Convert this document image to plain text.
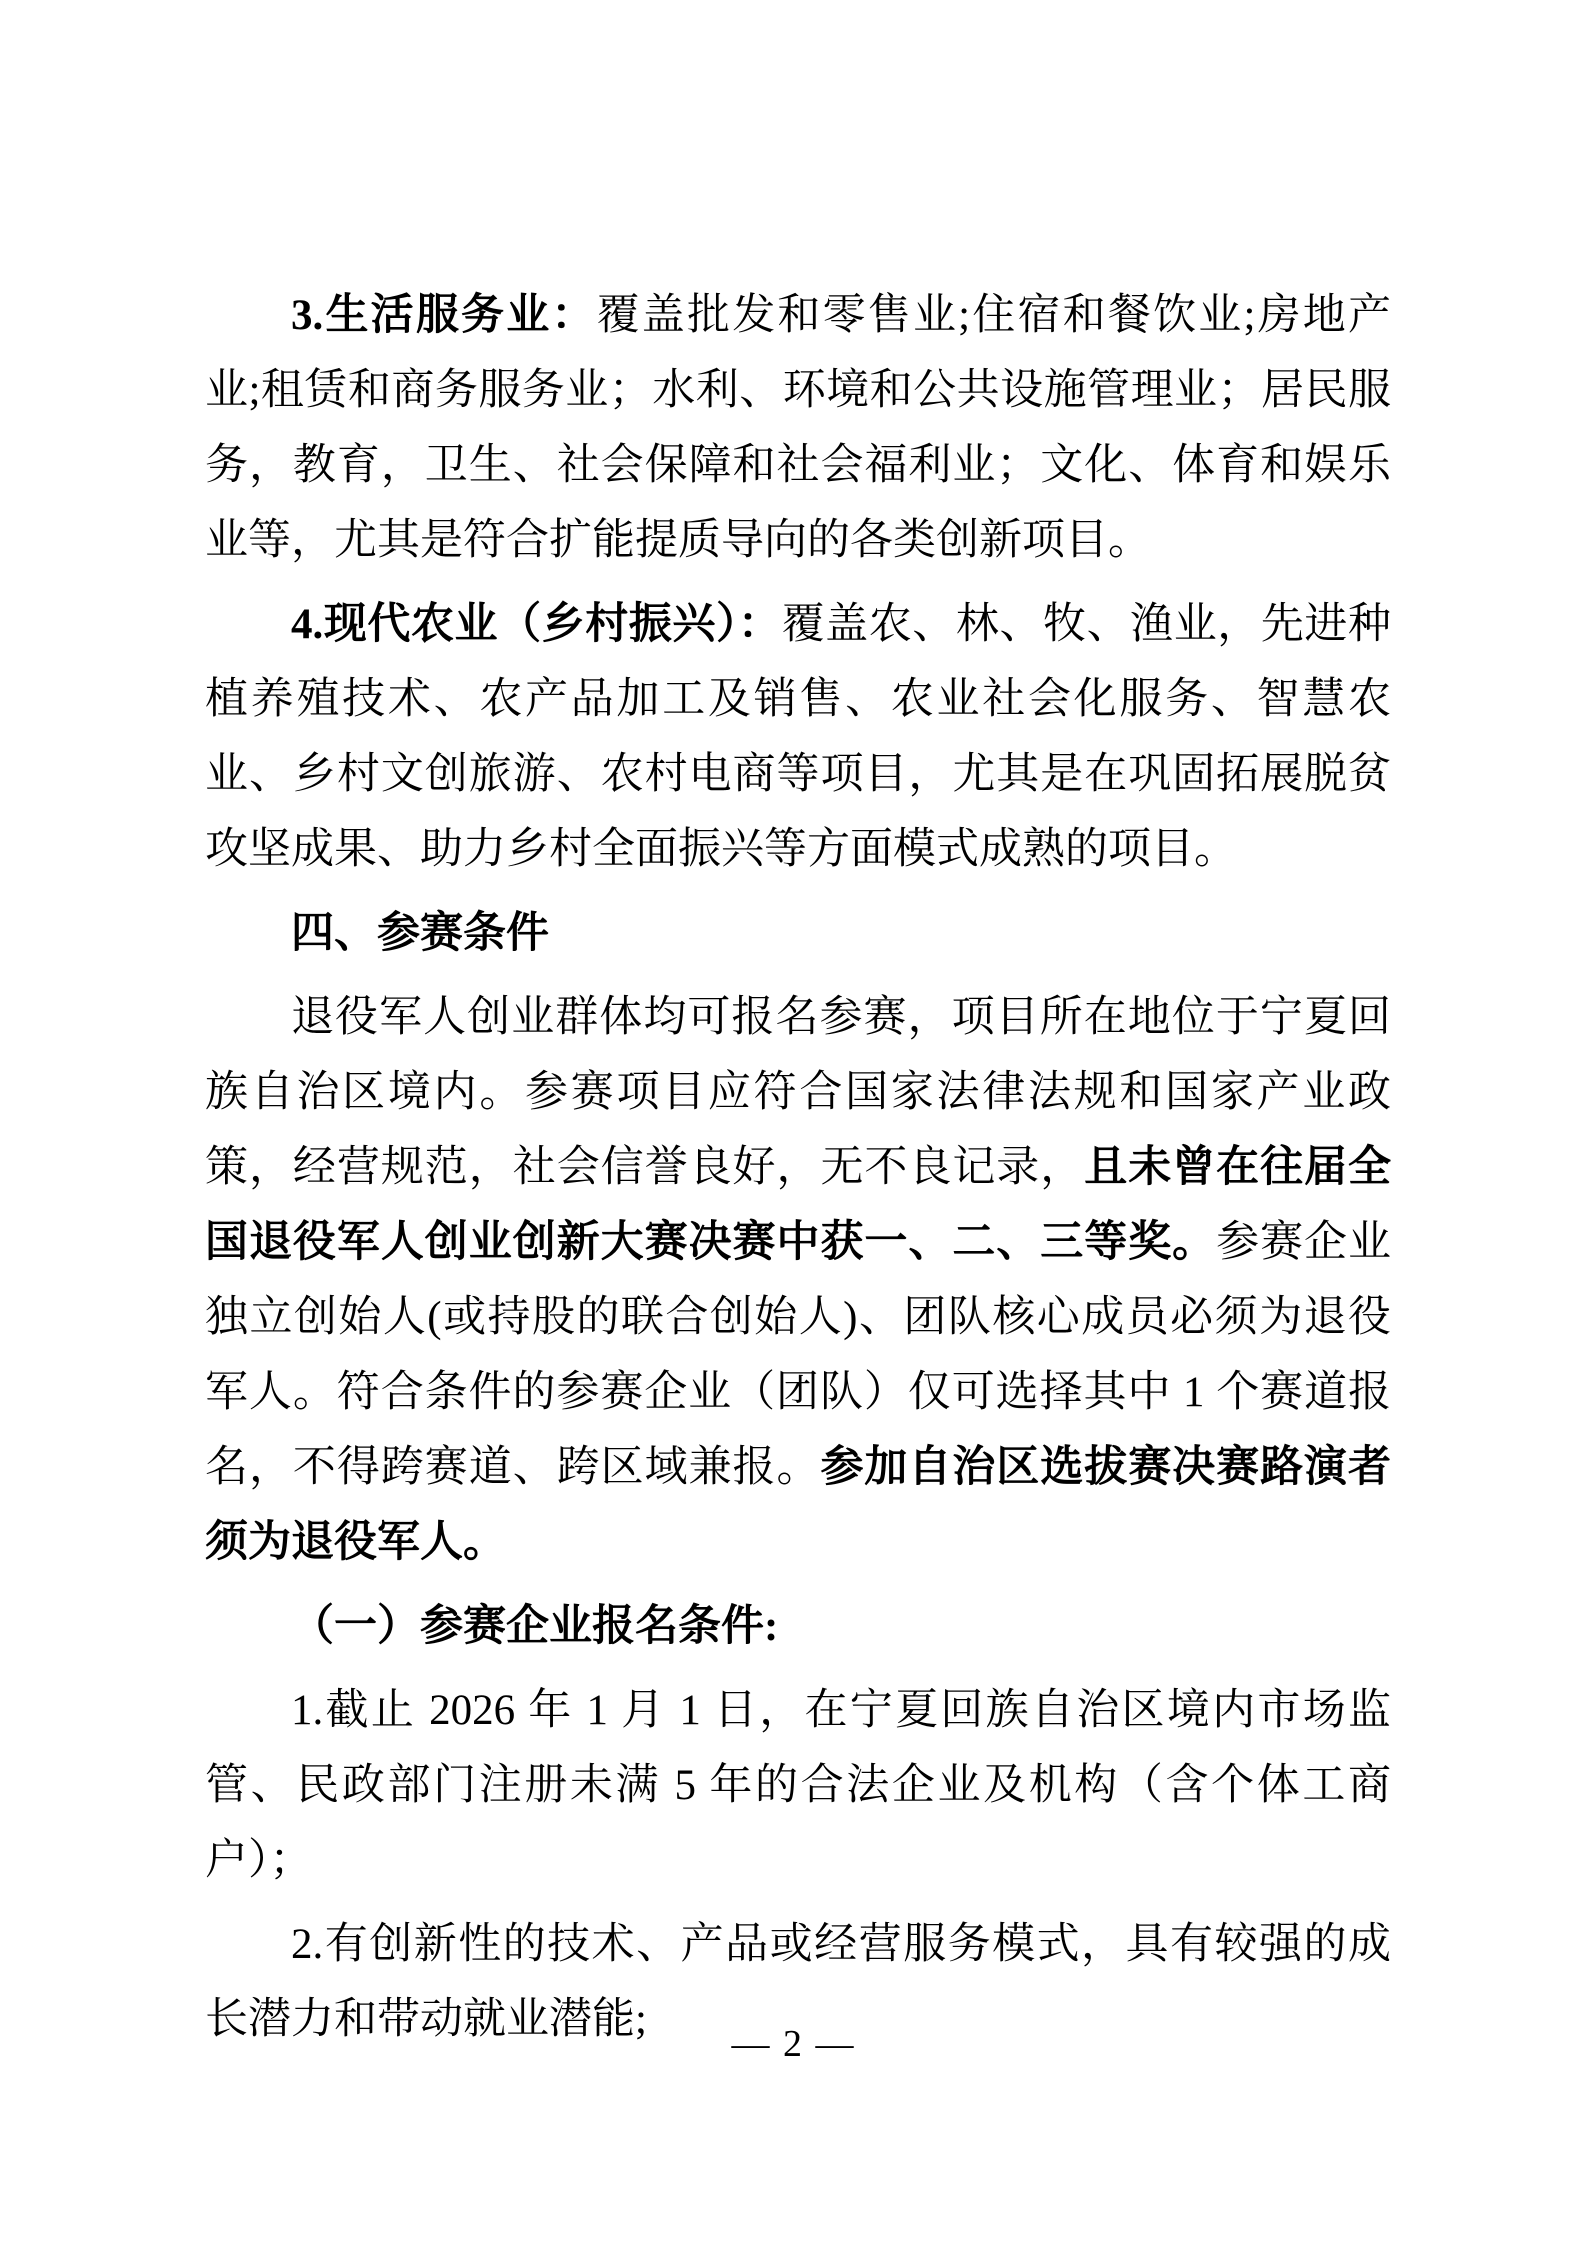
3.生活服务业：覆盖批发和零售业;住宿和餐饮业;房地产业;租赁和商务服务业；水利、环境和公共设施管理业；居民服务，教育，卫生、社会保障和社会福利业；文化、体育和娱乐业等，尤其是符合扩能提质导向的各类创新项目。

4.现代农业（乡村振兴）：覆盖农、林、牧、渔业，先进种植养殖技术、农产品加工及销售、农业社会化服务、智慧农业、乡村文创旅游、农村电商等项目，尤其是在巩固拓展脱贫攻坚成果、助力乡村全面振兴等方面模式成熟的项目。

四、参赛条件

退役军人创业群体均可报名参赛，项目所在地位于宁夏回族自治区境内。参赛项目应符合国家法律法规和国家产业政策，经营规范，社会信誉良好，无不良记录，且未曾在往届全国退役军人创业创新大赛决赛中获一、二、三等奖。参赛企业独立创始人(或持股的联合创始人)、团队核心成员必须为退役军人。符合条件的参赛企业（团队）仅可选择其中 1 个赛道报名，不得跨赛道、跨区域兼报。参加自治区选拔赛决赛路演者须为退役军人。

（一）参赛企业报名条件:

1.截止 2026 年 1 月 1 日，在宁夏回族自治区境内市场监管、民政部门注册未满 5 年的合法企业及机构（含个体工商户）；

2.有创新性的技术、产品或经营服务模式，具有较强的成长潜力和带动就业潜能;

— 2 —
